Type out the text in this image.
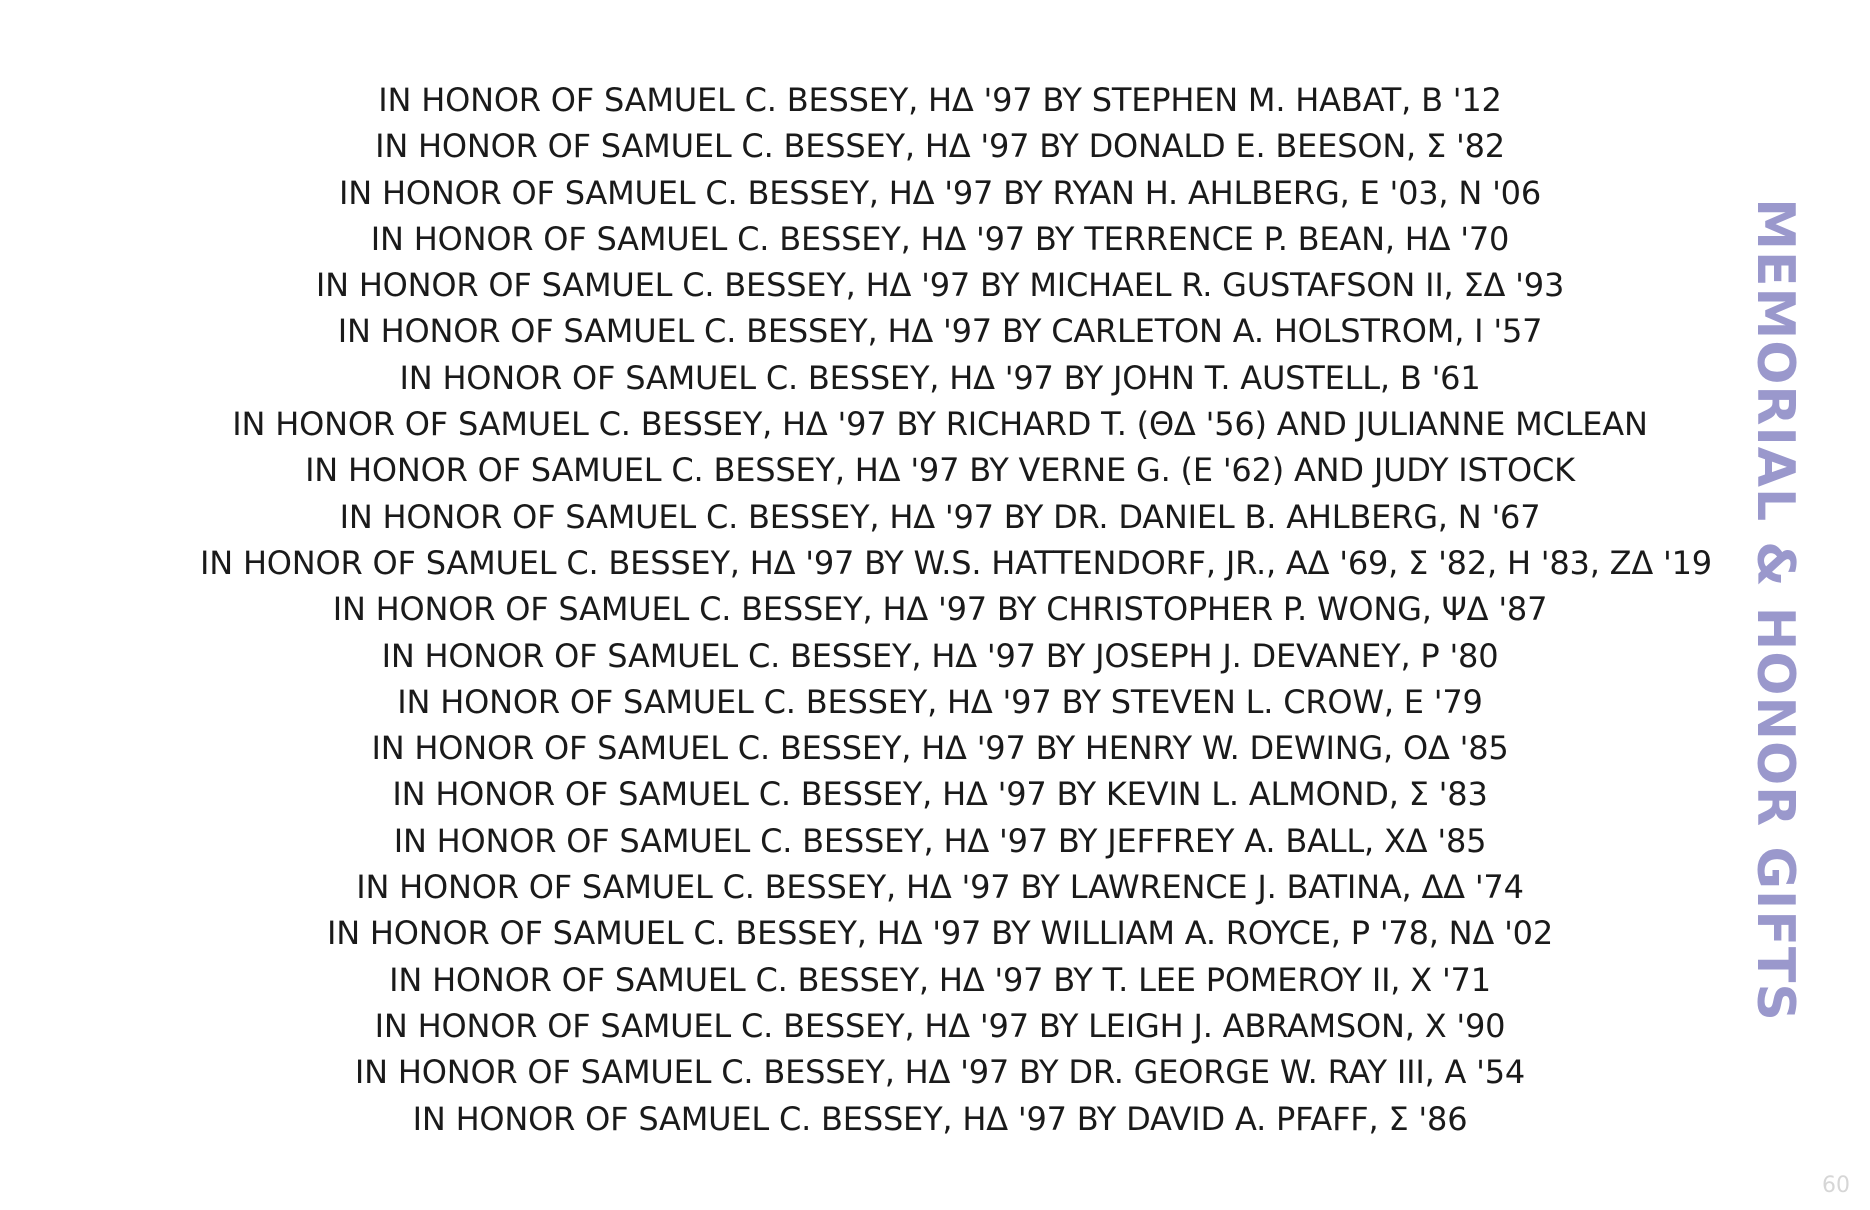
IN HONOR OF SAMUEL C. BESSEY, HΔ '97 BY STEPHEN M. HABAT, B '12
IN HONOR OF SAMUEL C. BESSEY, HΔ '97 BY DONALD E. BEESON, Σ '82
IN HONOR OF SAMUEL C. BESSEY, HΔ '97 BY RYAN H. AHLBERG, E '03, N '06
IN HONOR OF SAMUEL C. BESSEY, HΔ '97 BY TERRENCE P. BEAN, HΔ '70
IN HONOR OF SAMUEL C. BESSEY, HΔ '97 BY MICHAEL R. GUSTAFSON II, ΣΔ '93
IN HONOR OF SAMUEL C. BESSEY, HΔ '97 BY CARLETON A. HOLSTROM, I '57
IN HONOR OF SAMUEL C. BESSEY, HΔ '97 BY JOHN T. AUSTELL, B '61
IN HONOR OF SAMUEL C. BESSEY, HΔ '97 BY RICHARD T. (ΘΔ '56) AND JULIANNE MCLEAN
IN HONOR OF SAMUEL C. BESSEY, HΔ '97 BY VERNE G. (E '62) AND JUDY ISTOCK
IN HONOR OF SAMUEL C. BESSEY, HΔ '97 BY DR. DANIEL B. AHLBERG, N '67
IN HONOR OF SAMUEL C. BESSEY, HΔ '97 BY W.S. HATTENDORF, JR., AΔ '69, Σ '82, H '83, ZΔ '19
IN HONOR OF SAMUEL C. BESSEY, HΔ '97 BY CHRISTOPHER P. WONG, ΨΔ '87
IN HONOR OF SAMUEL C. BESSEY, HΔ '97 BY JOSEPH J. DEVANEY, P '80
IN HONOR OF SAMUEL C. BESSEY, HΔ '97 BY STEVEN L. CROW, E '79
IN HONOR OF SAMUEL C. BESSEY, HΔ '97 BY HENRY W. DEWING, OΔ '85
IN HONOR OF SAMUEL C. BESSEY, HΔ '97 BY KEVIN L. ALMOND, Σ '83
IN HONOR OF SAMUEL C. BESSEY, HΔ '97 BY JEFFREY A. BALL, XΔ '85
IN HONOR OF SAMUEL C. BESSEY, HΔ '97 BY LAWRENCE J. BATINA, ΔΔ '74
IN HONOR OF SAMUEL C. BESSEY, HΔ '97 BY WILLIAM A. ROYCE, P '78, NΔ '02
IN HONOR OF SAMUEL C. BESSEY, HΔ '97 BY T. LEE POMEROY II, X '71
IN HONOR OF SAMUEL C. BESSEY, HΔ '97 BY LEIGH J. ABRAMSON, X '90
IN HONOR OF SAMUEL C. BESSEY, HΔ '97 BY DR. GEORGE W. RAY III, A '54
IN HONOR OF SAMUEL C. BESSEY, HΔ '97 BY DAVID A. PFAFF, Σ '86
MEMORIAL & HONOR GIFTS
60
